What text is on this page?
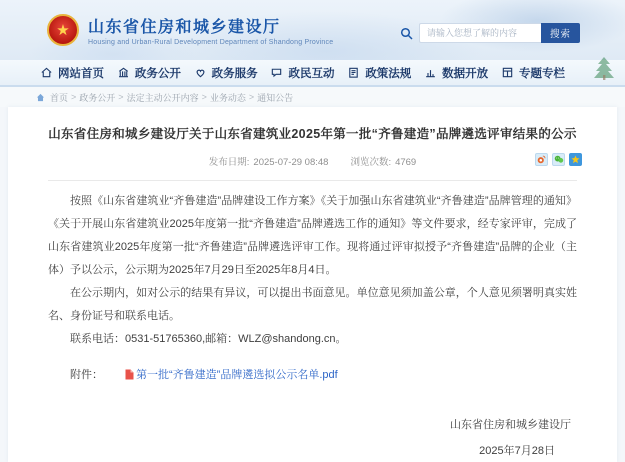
★	山东省住房和城乡建设厅
Housing and Urban-Rural Development Department of Shandong Province
请输入您想了解的内容
搜索
网站首页	政务公开	政务服务	政民互动	政策法规	数据开放	专题专栏
首页 > 政务公开 > 法定主动公开内容 > 业务动态 > 通知公告
山东省住房和城乡建设厅关于山东省建筑业2025年第一批“齐鲁建造”品牌遴选评审结果的公示
发布日期: 2025-07-29 08:48 浏览次数: 4769

按照《山东省建筑业“齐鲁建造”品牌建设工作方案》《关于加强山东省建筑业“齐鲁建造”品牌管理的通知》《关于开展山东省建筑业2025年度第一批“齐鲁建造”品牌遴选工作的通知》等文件要求，经专家评审，完成了山东省建筑业2025年度第一批“齐鲁建造”品牌遴选评审工作。现将通过评审拟授予“齐鲁建造”品牌的企业（主体）予以公示，公示期为2025年7月29日至2025年8月4日。

在公示期内，如对公示的结果有异议，可以提出书面意见。单位意见须加盖公章，个人意见须署明真实姓名、身份证号和联系电话。

联系电话：0531-51765360,邮箱：WLZ@shandong.cn。

附件：	第一批“齐鲁建造”品牌遴选拟公示名单.pdf
山东省住房和城乡建设厅
2025年7月28日
